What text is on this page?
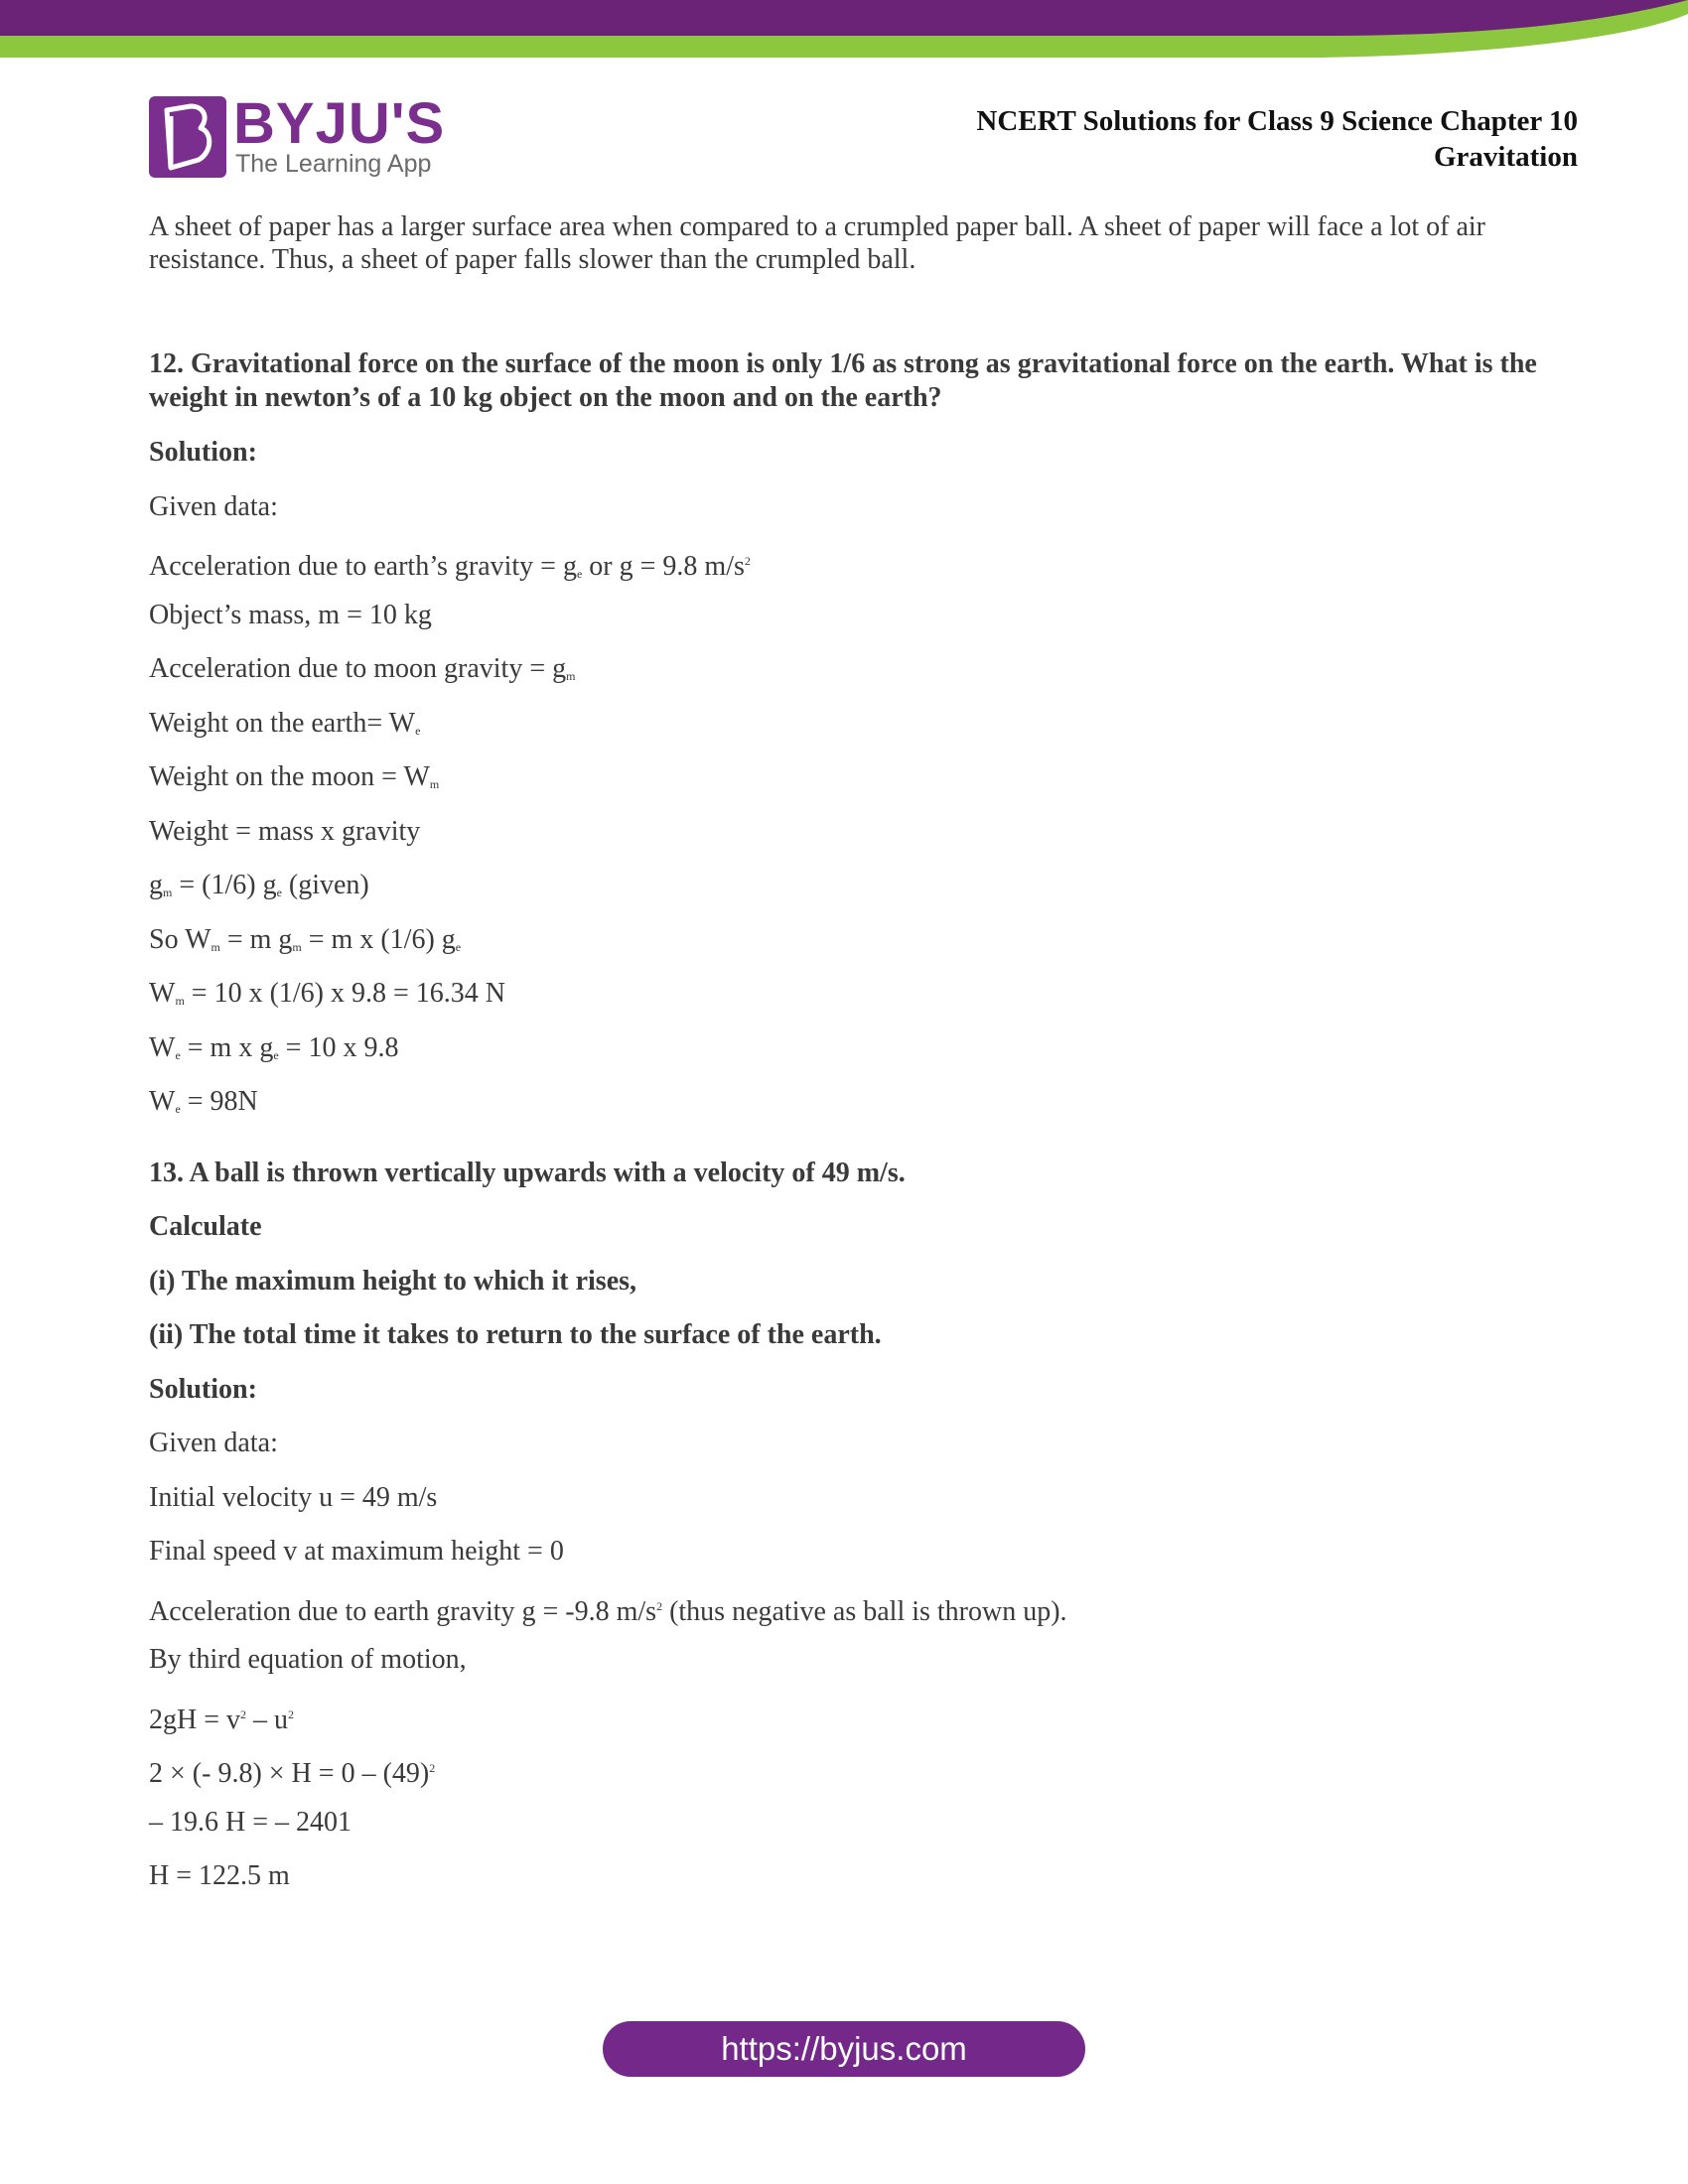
BYJU'S
The Learning App
NCERT Solutions for Class 9 Science Chapter 10
Gravitation

A sheet of paper has a larger surface area when compared to a crumpled paper ball. A sheet of paper will face a lot of air resistance. Thus, a sheet of paper falls slower than the crumpled ball.

12. Gravitational force on the surface of the moon is only 1/6 as strong as gravitational force on the earth. What is the weight in newton’s of a 10 kg object on the moon and on the earth?

Solution:

Given data:

Acceleration due to earth’s gravity = $g_e$ or g = 9.8 $m/s^2$

Object’s mass, m = 10 kg

Acceleration due to moon gravity = $g_m$

Weight on the earth= $W_e$

Weight on the moon = $W_m$

Weight = mass x gravity

$g_m = (1/6)$ $g_e$ (given)

So $W_m = m$ $g_m = m$ x (1/6) $g_e$

$W_m = 10$ x (1/6) x 9.8 = 16.34 N

$W_e = m$ x $g_e = 10$ x 9.8

$W_e = 98N$

13. A ball is thrown vertically upwards with a velocity of 49 m/s.

Calculate

(i) The maximum height to which it rises,

(ii) The total time it takes to return to the surface of the earth.

Solution:

Given data:

Initial velocity u = 49 m/s

Final speed v at maximum height = 0

Acceleration due to earth gravity g = -9.8 $m/s^2$ (thus negative as ball is thrown up).

By third equation of motion,

$2gH = v^2 - u^2$

2 × (- $9.8) \times H = 0 - (49)^2$

– 19.6 H = – 2401

H = 122.5 m

https://byjus.com
